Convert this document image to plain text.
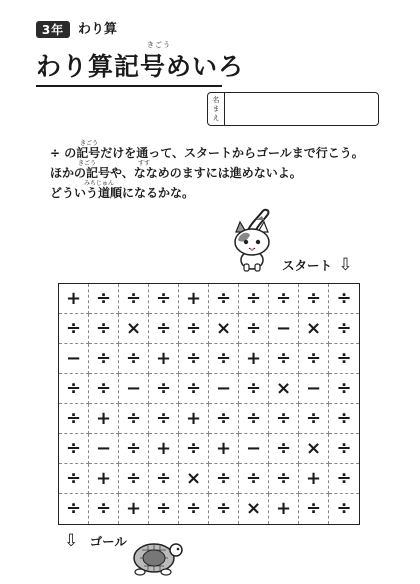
3年	わり算
きごう
わり算記号めいろ
名まえ
きごう
÷ の記号だけを通って、スタートからゴールまで行こう。
きごう　　　　　　　すす
ほかの記号や、ななめのますには進めないよ。
みちじゅん
どういう道順になるかな。
スタート ⇩
+ ÷ ÷ ÷ + ÷ ÷ ÷ ÷ ÷
÷ ÷ × ÷ ÷ × ÷ − × ÷
− ÷ ÷ + ÷ ÷ + ÷ ÷ ÷
÷ ÷ − ÷ ÷ − ÷ × − ÷
÷ + ÷ ÷ + ÷ ÷ ÷ ÷ ÷
÷ − ÷ + ÷ + − ÷ × ÷
÷ + ÷ ÷ × ÷ ÷ ÷ + ÷
÷ ÷ + ÷ ÷ ÷ × + ÷ ÷
⇩ ゴール
